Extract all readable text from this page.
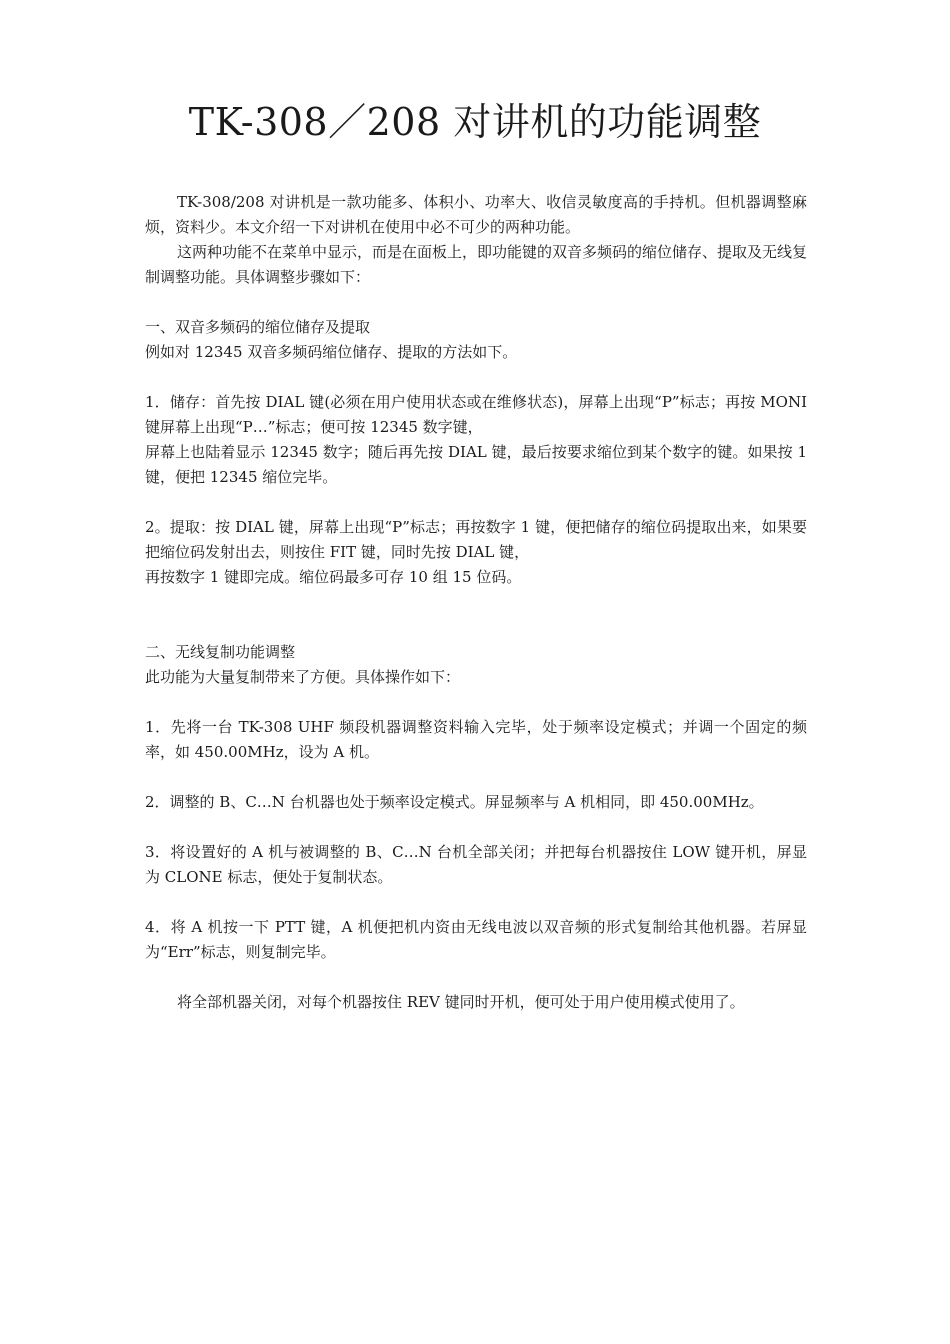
TK-308／208 对讲机的功能调整

TK-308/208 对讲机是一款功能多、体积小、功率大、收信灵敏度高的手持机。但机器调整麻烦，资料少。本文介绍一下对讲机在使用中必不可少的两种功能。

这两种功能不在菜单中显示，而是在面板上，即功能键的双音多频码的缩位储存、提取及无线复制调整功能。具体调整步骤如下：

一、双音多频码的缩位储存及提取

例如对 12345 双音多频码缩位储存、提取的方法如下。

1．储存：首先按 DIAL 键(必须在用户使用状态或在维修状态)，屏幕上出现“P”标志；再按 MONI 键屏幕上出现“P…”标志；便可按 12345 数字键，

屏幕上也陆着显示 12345 数字；随后再先按 DIAL 键，最后按要求缩位到某个数字的键。如果按 1 键，便把 12345 缩位完毕。

2。提取：按 DIAL 键，屏幕上出现“P”标志；再按数字 1 键，便把储存的缩位码提取出来，如果要把缩位码发射出去，则按住 FIT 键，同时先按 DIAL 键，

再按数字 1 键即完成。缩位码最多可存 10 组 15 位码。

二、无线复制功能调整

此功能为大量复制带来了方便。具体操作如下：

1．先将一台 TK-308 UHF 频段机器调整资料输入完毕，处于频率设定模式；并调一个固定的频率，如 450.00MHz，设为 A 机。

2．调整的 B、C…N 台机器也处于频率设定模式。屏显频率与 A 机相同，即 450.00MHz。

3．将设置好的 A 机与被调整的 B、C…N 台机全部关闭；并把每台机器按住 LOW 键开机，屏显为 CLONE 标志，便处于复制状态。

4．将 A 机按一下 PTT 键，A 机便把机内资由无线电波以双音频的形式复制给其他机器。若屏显为“Err”标志，则复制完毕。

将全部机器关闭，对每个机器按住 REV 键同时开机，便可处于用户使用模式使用了。
